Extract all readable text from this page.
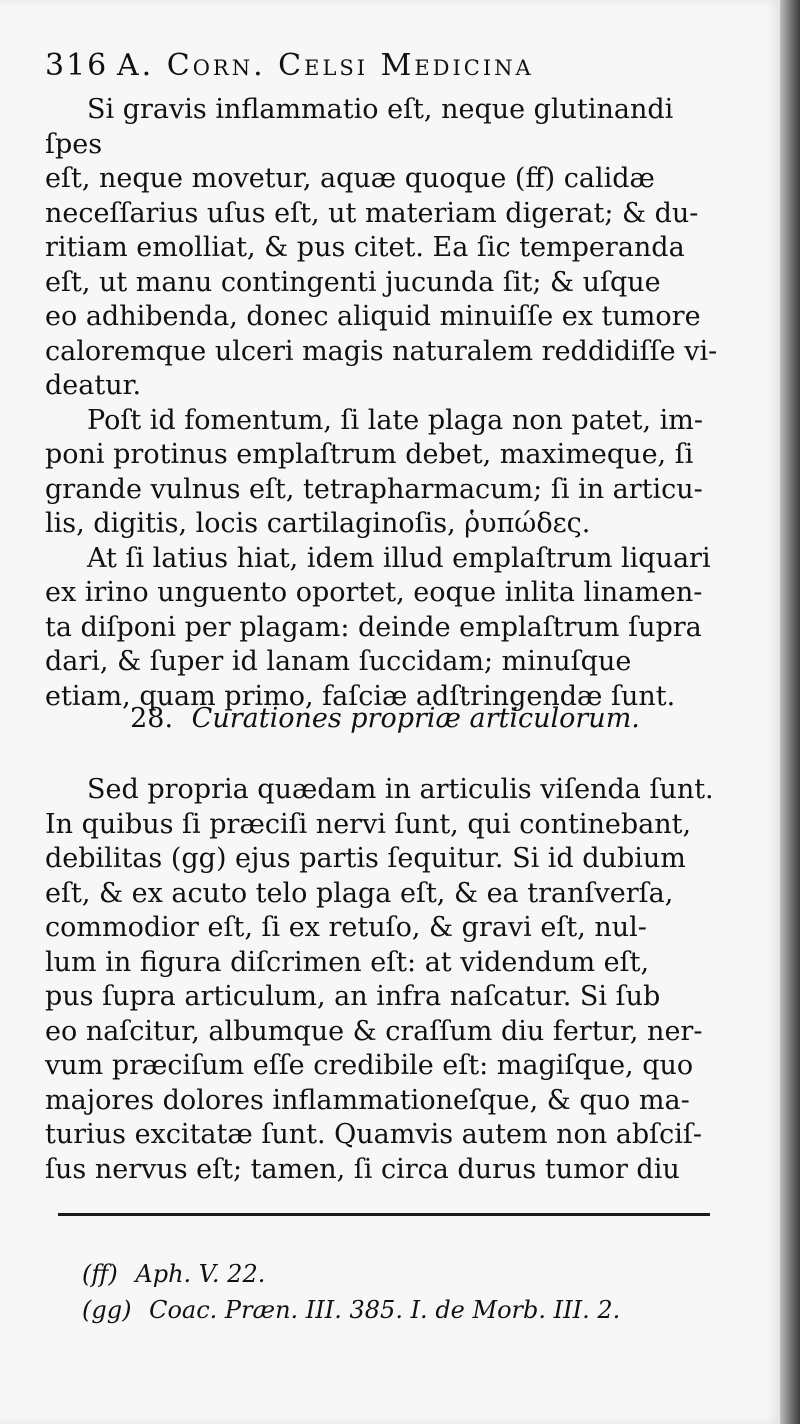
316 A. Corn. Celsi Medicina

Si gravis inflammatio eſt, neque glutinandi ſpes
eſt, neque movetur, aquæ quoque (ff) calidæ
neceſſarius uſus eſt, ut materiam digerat; & du-
ritiam emolliat, & pus citet. Ea ſic temperanda
eſt, ut manu contingenti jucunda ſit; & uſque
eo adhibenda, donec aliquid minuiſſe ex tumore
caloremque ulceri magis naturalem reddidiſſe vi-
deatur.

Poſt id fomentum, ſi late plaga non patet, im-
poni protinus emplaſtrum debet, maximeque, ſi
grande vulnus eſt, tetrapharmacum; ſi in articu-
lis, digitis, locis cartilaginoſis, ῥυπώδες.

At ſi latius hiat, idem illud emplaſtrum liquari
ex irino unguento oportet, eoque inlita linamen-
ta diſponi per plagam: deinde emplaſtrum ſupra
dari, & ſuper id lanam ſuccidam; minuſque
etiam, quam primo, faſciæ adſtringendæ ſunt.

28. Curationes propriæ articulorum.

Sed propria quædam in articulis viſenda ſunt.
In quibus ſi præciſi nervi ſunt, qui continebant,
debilitas (gg) ejus partis ſequitur. Si id dubium
eſt, & ex acuto telo plaga eſt, & ea tranſverſa,
commodior eſt, ſi ex retuſo, & gravi eſt, nul-
lum in figura diſcrimen eſt: at videndum eſt,
pus ſupra articulum, an infra naſcatur. Si ſub
eo naſcitur, albumque & craſſum diu fertur, ner-
vum præciſum eſſe credibile eſt: magiſque, quo
majores dolores inflammationeſque, & quo ma-
turius excitatæ ſunt. Quamvis autem non abſciſ-
ſus nervus eſt; tamen, ſi circa durus tumor diu

(ff) Aph. V. 22.
(gg) Coac. Præn. III. 385. I. de Morb. III. 2.
